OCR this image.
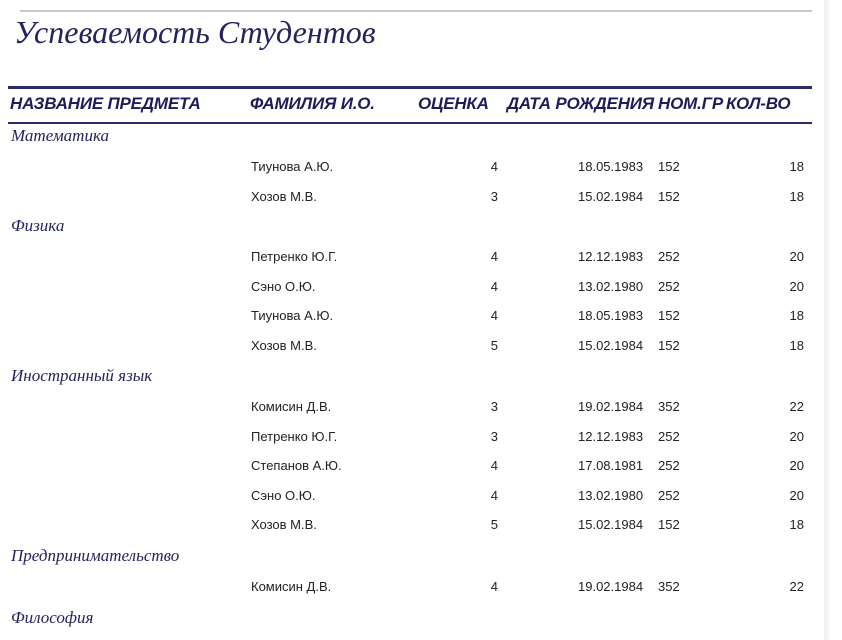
Успеваемость Студентов
НАЗВАНИЕ ПРЕДМЕТА	ФАМИЛИЯ И.О.	ОЦЕНКА	ДАТА РОЖДЕНИЯ НОМ.ГР КОЛ-ВО
Математика
Тиунова А.Ю.	4	18.05.1983 152	18
Хозов М.В.	3	15.02.1984 152	18
Физика
Петренко Ю.Г.	4	12.12.1983 252	20
Сэно О.Ю.	4	13.02.1980 252	20
Тиунова А.Ю.	4	18.05.1983 152	18
Хозов М.В.	5	15.02.1984 152	18
Иностранный язык
Комисин Д.В.	3	19.02.1984 352	22
Петренко Ю.Г.	3	12.12.1983 252	20
Степанов А.Ю.	4	17.08.1981 252	20
Сэно О.Ю.	4	13.02.1980 252	20
Хозов М.В.	5	15.02.1984 152	18
Предпринимательство
Комисин Д.В.	4	19.02.1984 352	22
Философия
